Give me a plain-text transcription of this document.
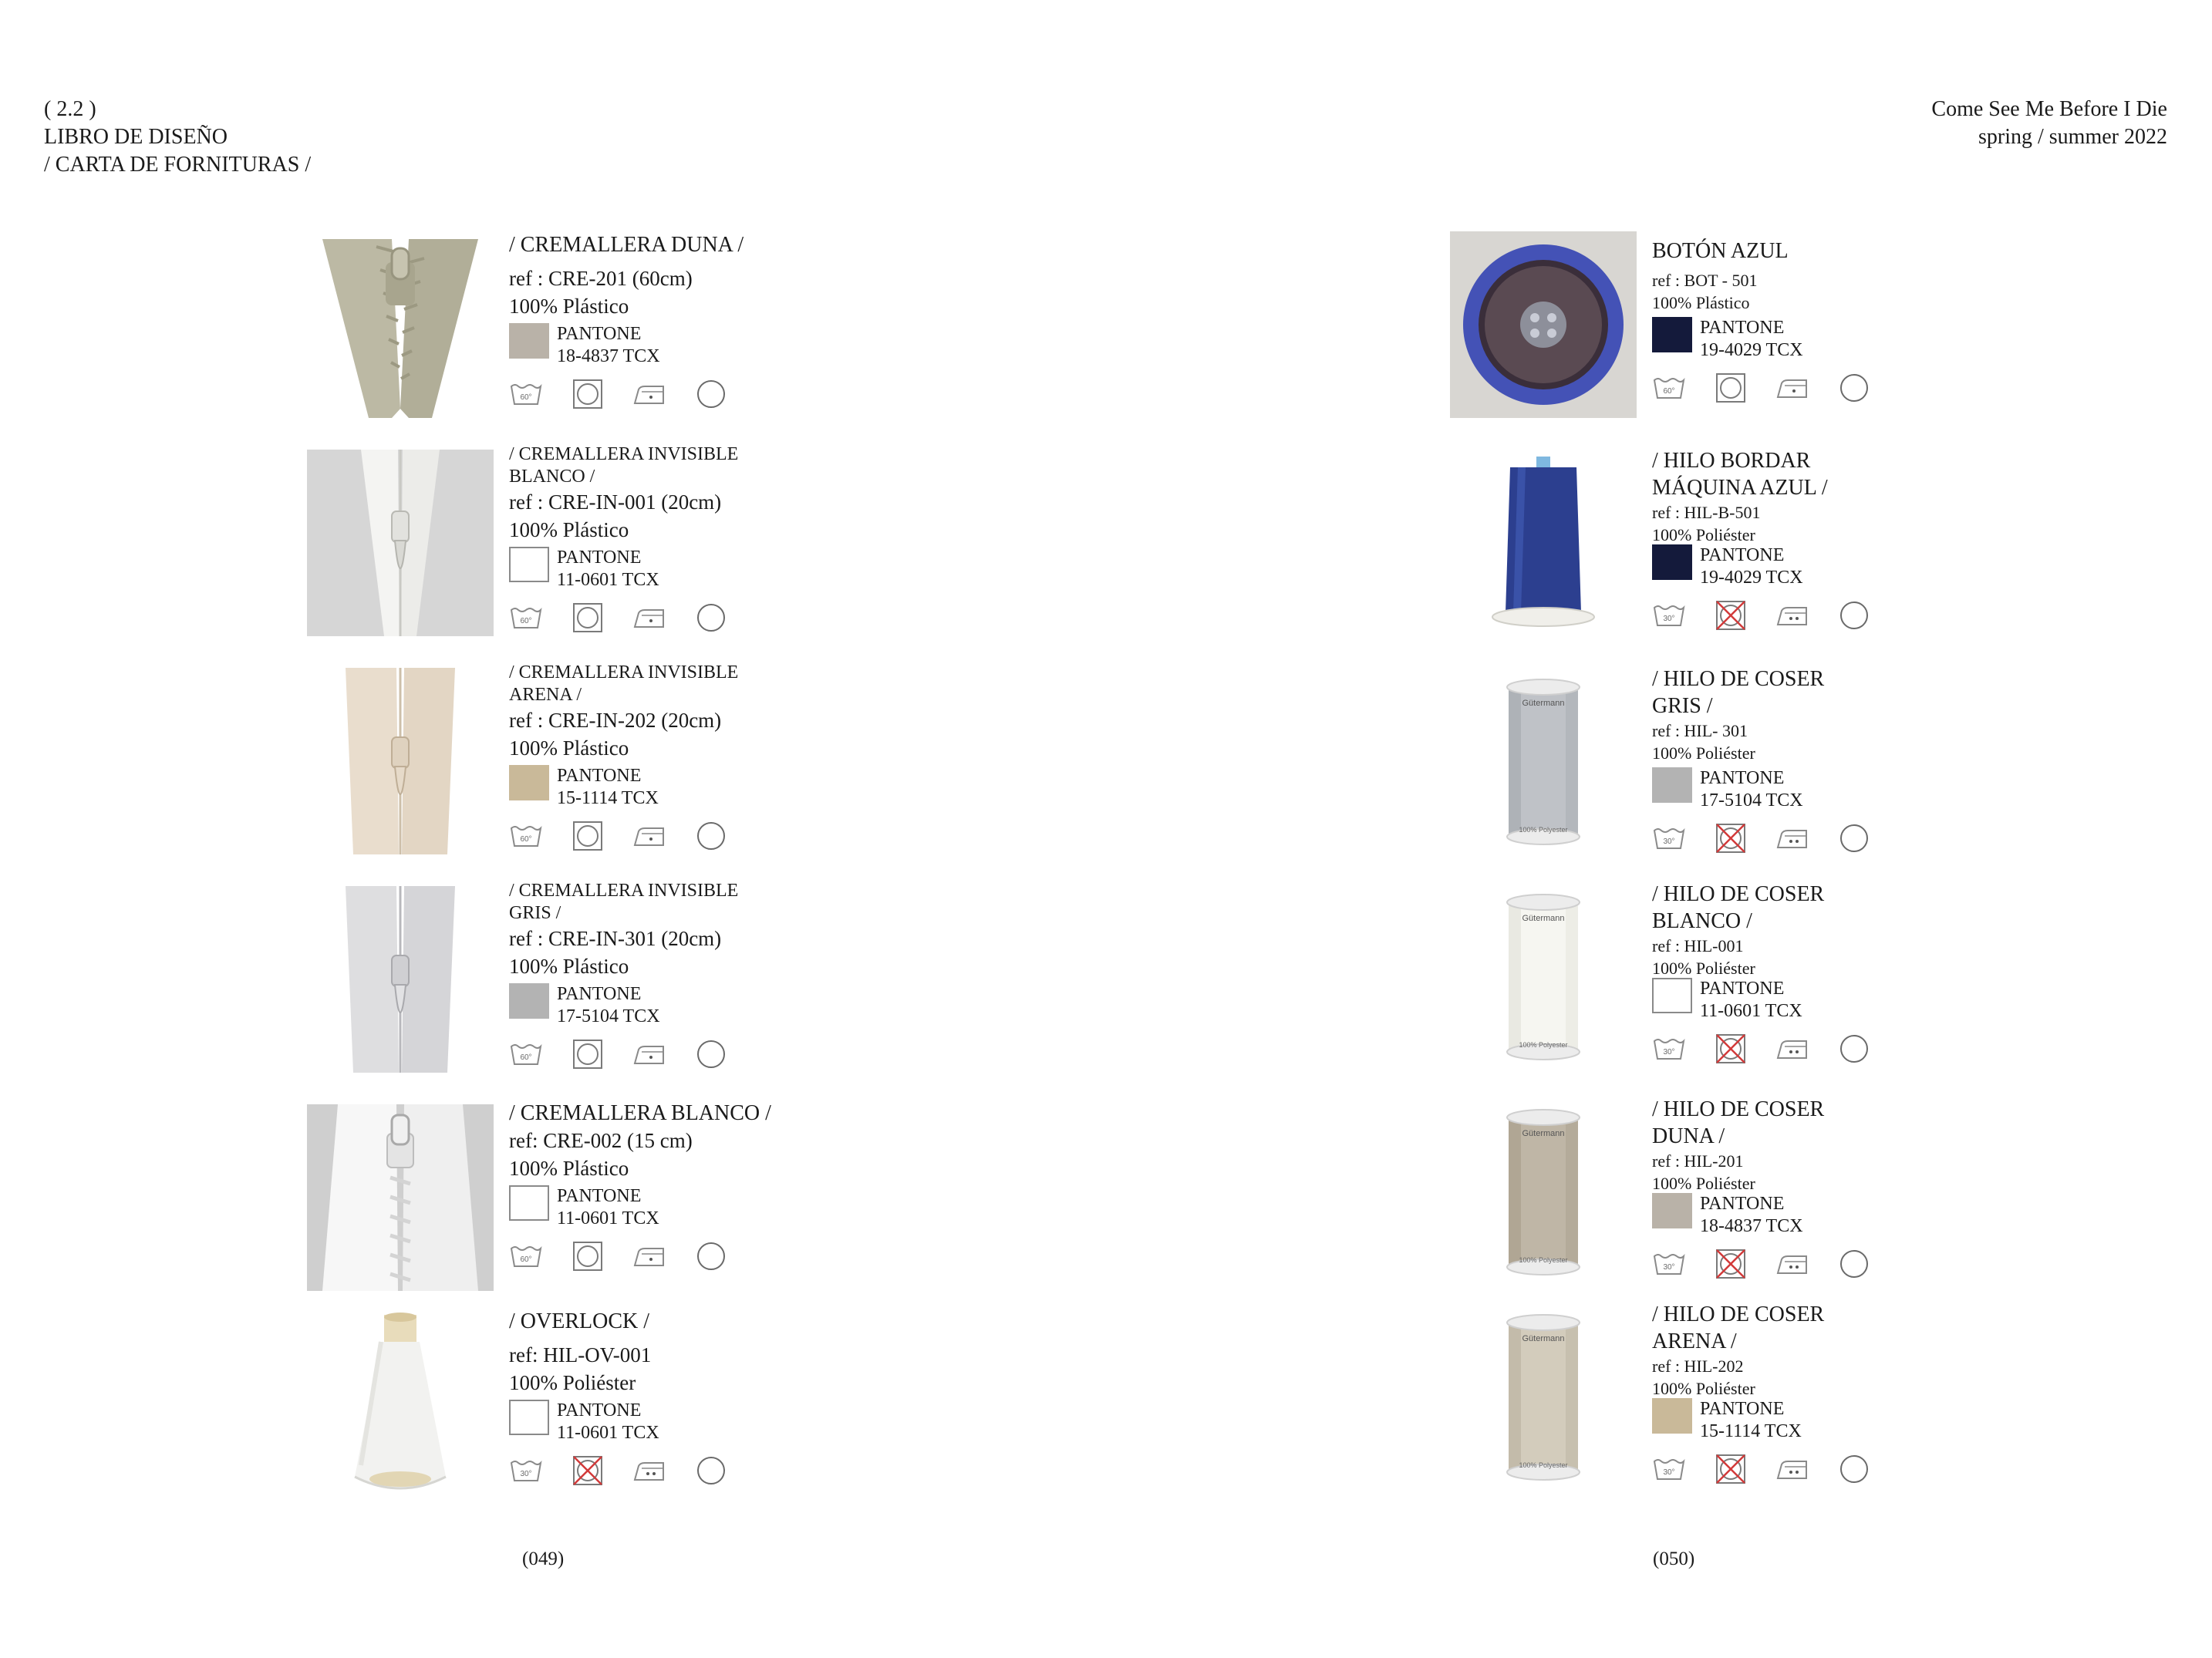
( 2.2 )
LIBRO DE DISEÑO
/ CARTA DE FORNITURAS /
Come See Me Before I Die
spring / summer 2022
/ CREMALLERA DUNA /
ref : CRE-201 (60cm)
100% Plástico
PANTONE
18-4837 TCX
60°
/ CREMALLERA INVISIBLE
BLANCO /
ref : CRE-IN-001 (20cm)
100% Plástico
PANTONE
11-0601 TCX
60°
/ CREMALLERA INVISIBLE
ARENA /
ref : CRE-IN-202 (20cm)
100% Plástico
PANTONE
15-1114 TCX
60°
/ CREMALLERA INVISIBLE
GRIS /
ref : CRE-IN-301 (20cm)
100% Plástico
PANTONE
17-5104 TCX
60°
/ CREMALLERA BLANCO /
ref: CRE-002 (15 cm)
100% Plástico
PANTONE
11-0601 TCX
60°
/ OVERLOCK /
ref: HIL-OV-001
100% Poliéster
PANTONE
11-0601 TCX
30°
BOTÓN AZUL
ref : BOT - 501
100% Plástico
PANTONE
19-4029 TCX
60°
/ HILO BORDAR
MÁQUINA AZUL /
ref : HIL-B-501
100% Poliéster
PANTONE
19-4029 TCX
30°
Gütermann
100% Polyester
/ HILO DE COSER
GRIS /
ref : HIL- 301
100% Poliéster
PANTONE
17-5104 TCX
30°
Gütermann
100% Polyester
/ HILO DE COSER
BLANCO /
ref : HIL-001
100% Poliéster
PANTONE
11-0601 TCX
30°
Gütermann
100% Polyester
/ HILO DE COSER
DUNA /
ref : HIL-201
100% Poliéster
PANTONE
18-4837 TCX
30°
Gütermann
100% Polyester
/ HILO DE COSER
ARENA /
ref : HIL-202
100% Poliéster
PANTONE
15-1114 TCX
30°
(049)	(050)
